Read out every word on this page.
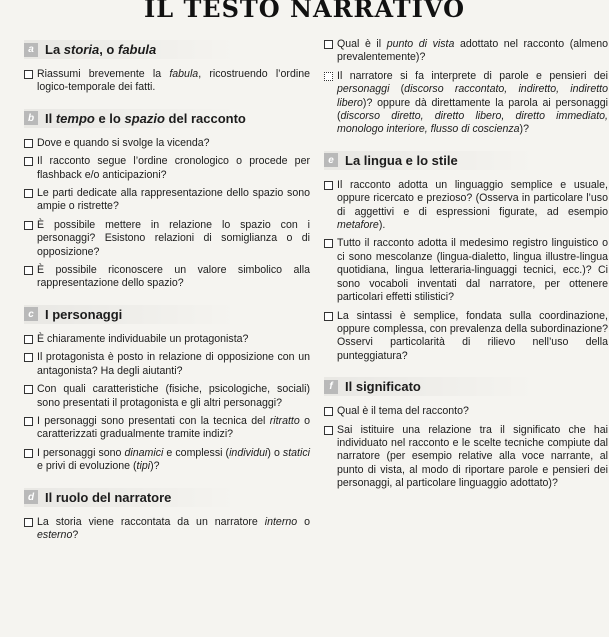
IL TESTO NARRATIVO
a La storia, o fabula
Riassumi brevemente la fabula, ricostruendo l’ordine logico-temporale dei fatti.
b Il tempo e lo spazio del racconto
Dove e quando si svolge la vicenda?
Il racconto segue l’ordine cronologico o procede per flashback e/o anticipazioni?
Le parti dedicate alla rappresentazione dello spazio sono ampie o ristrette?
È possibile mettere in relazione lo spazio con i personaggi? Esistono relazioni di somiglianza o di opposizione?
È possibile riconoscere un valore simbolico alla rappresentazione dello spazio?
c I personaggi
È chiaramente individuabile un protagonista?
Il protagonista è posto in relazione di opposizione con un antagonista? Ha degli aiutanti?
Con quali caratteristiche (fisiche, psicologiche, sociali) sono presentati il protagonista e gli altri personaggi?
I personaggi sono presentati con la tecnica del ritratto o caratterizzati gradualmente tramite indizi?
I personaggi sono dinamici e complessi (individui) o statici e privi di evoluzione (tipi)?
d Il ruolo del narratore
La storia viene raccontata da un narratore interno o esterno?
Qual è il punto di vista adottato nel racconto (almeno prevalentemente)?
Il narratore si fa interprete di parole e pensieri dei personaggi (discorso raccontato, indiretto, indiretto libero)? oppure dà direttamente la parola ai personaggi (discorso diretto, diretto libero, diretto immediato, monologo interiore, flusso di coscienza)?
e La lingua e lo stile
Il racconto adotta un linguaggio semplice e usuale, oppure ricercato e prezioso? (Osserva in particolare l’uso di aggettivi e di espressioni figurate, ad esempio metafore).
Tutto il racconto adotta il medesimo registro linguistico o ci sono mescolanze (lingua-dialetto, lingua illustre-lingua quotidiana, lingua letteraria-linguaggi tecnici, ecc.)? Ci sono vocaboli inventati dal narratore, per ottenere particolari effetti stilistici?
La sintassi è semplice, fondata sulla coordinazione, oppure complessa, con prevalenza della subordinazione? Osservi particolarità di rilievo nell’uso della punteggiatura?
f Il significato
Qual è il tema del racconto?
Sai istituire una relazione tra il significato che hai individuato nel racconto e le scelte tecniche compiute dal narratore (per esempio relative alla voce narrante, al punto di vista, al modo di riportare parole e pensieri dei personaggi, al particolare linguaggio adottato)?
